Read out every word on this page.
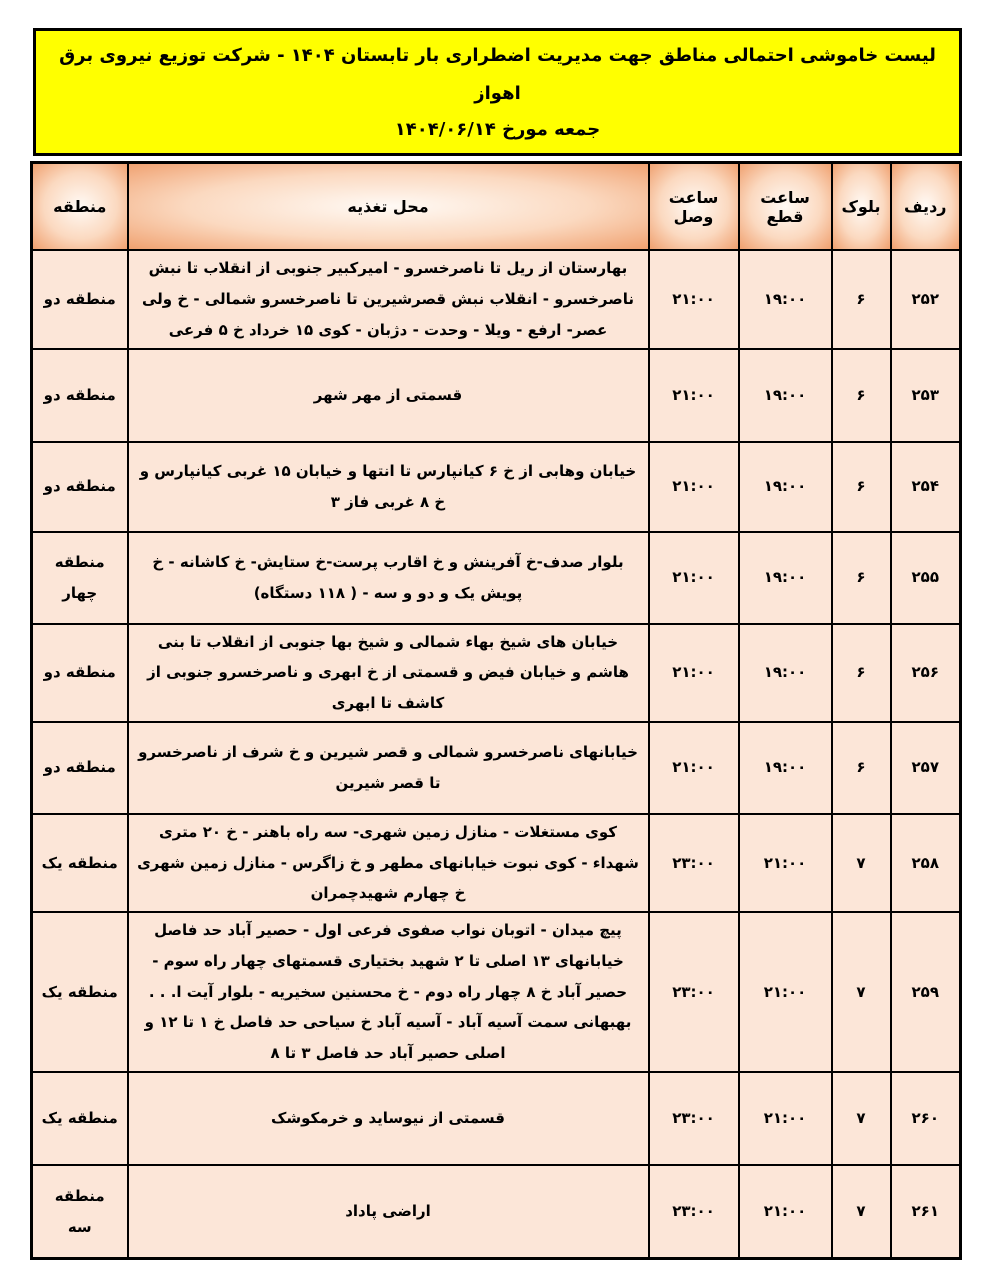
لیست خاموشی احتمالی مناطق جهت مدیریت اضطراری بار تابستان ۱۴۰۴ - شرکت توزیع نیروی برق اهواز
جمعه مورخ ۱۴۰۴/۰۶/۱۴
ردیف	بلوک	ساعت قطع	ساعت وصل	محل تغذیه	منطقه
۲۵۲	۶	۱۹:۰۰	۲۱:۰۰	بهارستان از ریل تا ناصرخسرو - امیرکبیر جنوبی از انقلاب تا نبش ناصرخسرو - انقلاب نبش قصرشیرین تا ناصرخسرو شمالی - خ ولی عصر- ارفع - ویلا - وحدت - دژبان - کوی ۱۵ خرداد خ ۵ فرعی	منطقه دو
۲۵۳	۶	۱۹:۰۰	۲۱:۰۰	قسمتی از مهر شهر	منطقه دو
۲۵۴	۶	۱۹:۰۰	۲۱:۰۰	خیابان وهابی از خ ۶ کیانپارس تا انتها و خیابان ۱۵ غربی کیانپارس و خ ۸ غربی فاز ۳	منطقه دو
۲۵۵	۶	۱۹:۰۰	۲۱:۰۰	بلوار صدف-خ آفرینش و خ اقارب پرست-خ ستایش- خ کاشانه - خ پویش یک و دو و سه - ( ۱۱۸ دستگاه)	منطقه چهار
۲۵۶	۶	۱۹:۰۰	۲۱:۰۰	خیابان های شیخ بهاء شمالی و شیخ بها جنوبی از انقلاب تا بنی هاشم و خیابان فیض و قسمتی از خ ابهری و ناصرخسرو جنوبی از کاشف تا ابهری	منطقه دو
۲۵۷	۶	۱۹:۰۰	۲۱:۰۰	خیابانهای ناصرخسرو شمالی و قصر شیرین و خ شرف از ناصرخسرو تا قصر شیرین	منطقه دو
۲۵۸	۷	۲۱:۰۰	۲۳:۰۰	کوی مستغلات - منازل زمین شهری- سه راه باهنر - خ ۲۰ متری شهداء - کوی نبوت خیابانهای مطهر و خ زاگرس - منازل زمین شهری خ چهارم شهیدچمران	منطقه یک
۲۵۹	۷	۲۱:۰۰	۲۳:۰۰	پیچ میدان - اتوبان نواب صفوی فرعی اول - حصیر آباد حد فاصل خیابانهای ۱۳ اصلی تا ۲ شهید بختیاری قسمتهای چهار راه سوم - حصیر آباد خ ۸ چهار راه دوم - خ محسنین سخیریه - بلوار آیت ا. . . بهبهانی سمت آسیه آباد - آسیه آباد خ سیاحی حد فاصل خ ۱ تا ۱۲ و اصلی حصیر آباد حد فاصل ۳ تا ۸	منطقه یک
۲۶۰	۷	۲۱:۰۰	۲۳:۰۰	قسمتی از نیوساید و خرمکوشک	منطقه یک
۲۶۱	۷	۲۱:۰۰	۲۳:۰۰	اراضی پاداد	منطقه سه
